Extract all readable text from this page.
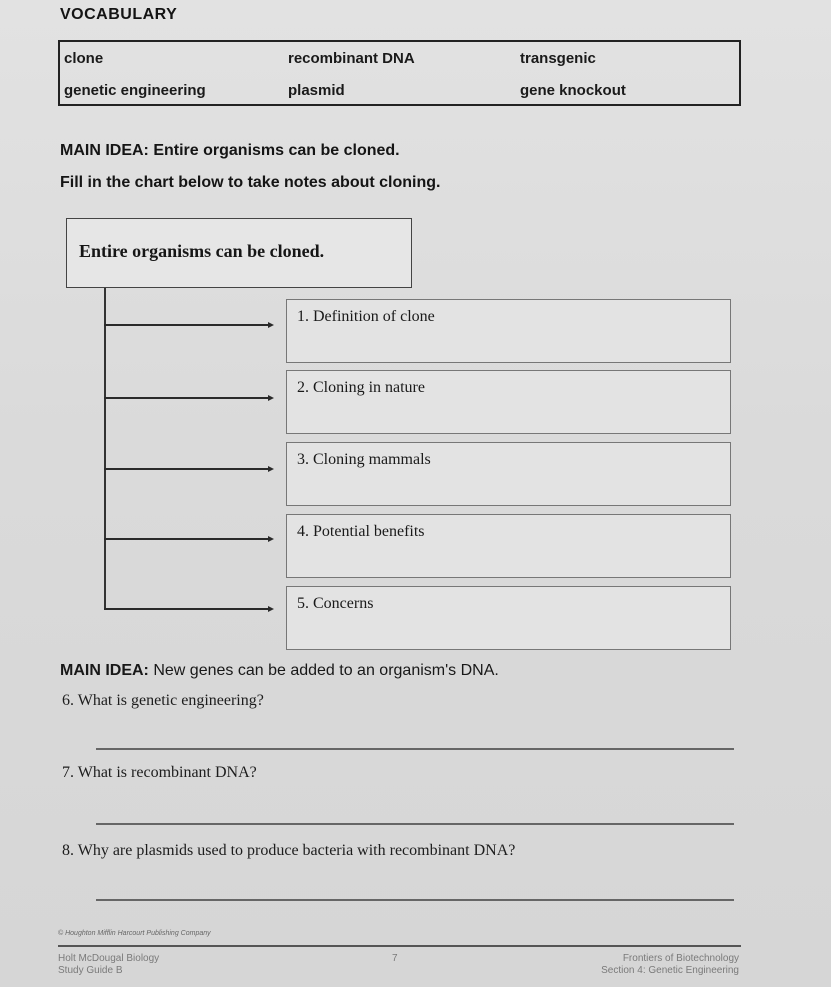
VOCABULARY
clone	recombinant DNA	transgenic
genetic engineering	plasmid	gene knockout
MAIN IDEA: Entire organisms can be cloned.
Fill in the chart below to take notes about cloning.
Entire organisms can be cloned.
1. Definition of clone
2. Cloning in nature
3. Cloning mammals
4. Potential benefits
5. Concerns
MAIN IDEA: New genes can be added to an organism's DNA.
6. What is genetic engineering?
7. What is recombinant DNA?
8. Why are plasmids used to produce bacteria with recombinant DNA?
© Houghton Mifflin Harcourt Publishing Company
Holt McDougal Biology
Study Guide B
7	Frontiers of Biotechnology
Section 4: Genetic Engineering
